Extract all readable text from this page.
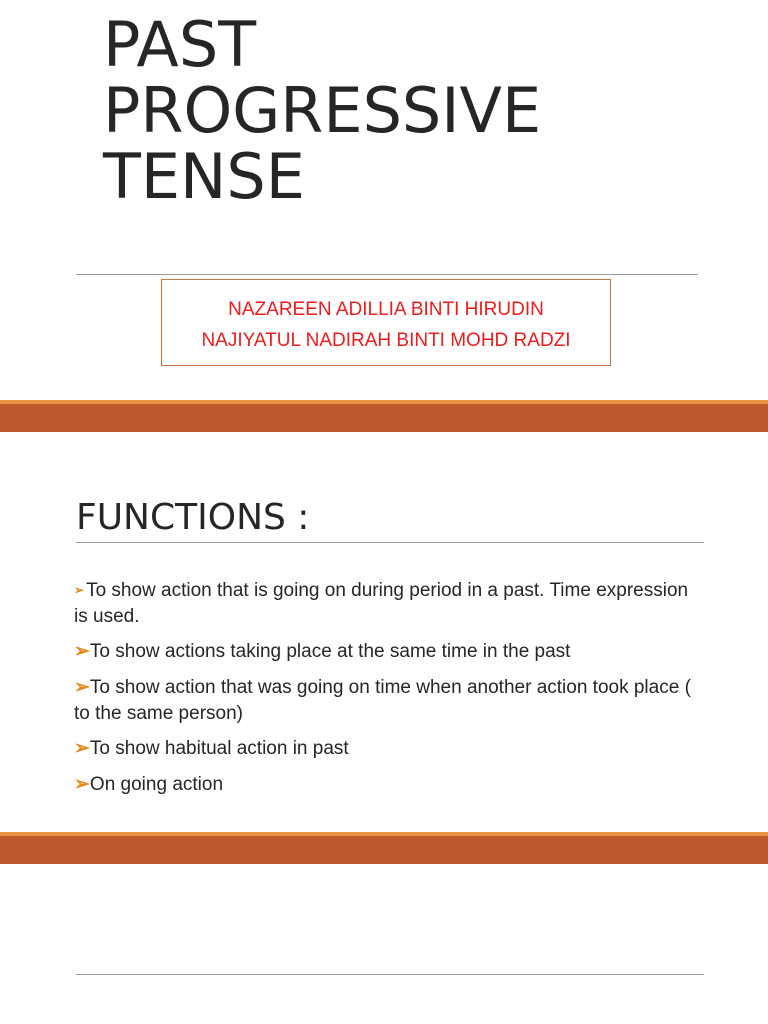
PAST
PROGRESSIVE
TENSE
NAZAREEN ADILLIA BINTI HIRUDIN
NAJIYATUL NADIRAH BINTI MOHD RADZI
FUNCTIONS :
➢ To show action that is going on during period in a past. Time expression is used.
➢To show actions taking place at the same time in the past
➢To show action that was going on time when another action took place ( to the same person)
➢To show habitual action in past
➢On going action
